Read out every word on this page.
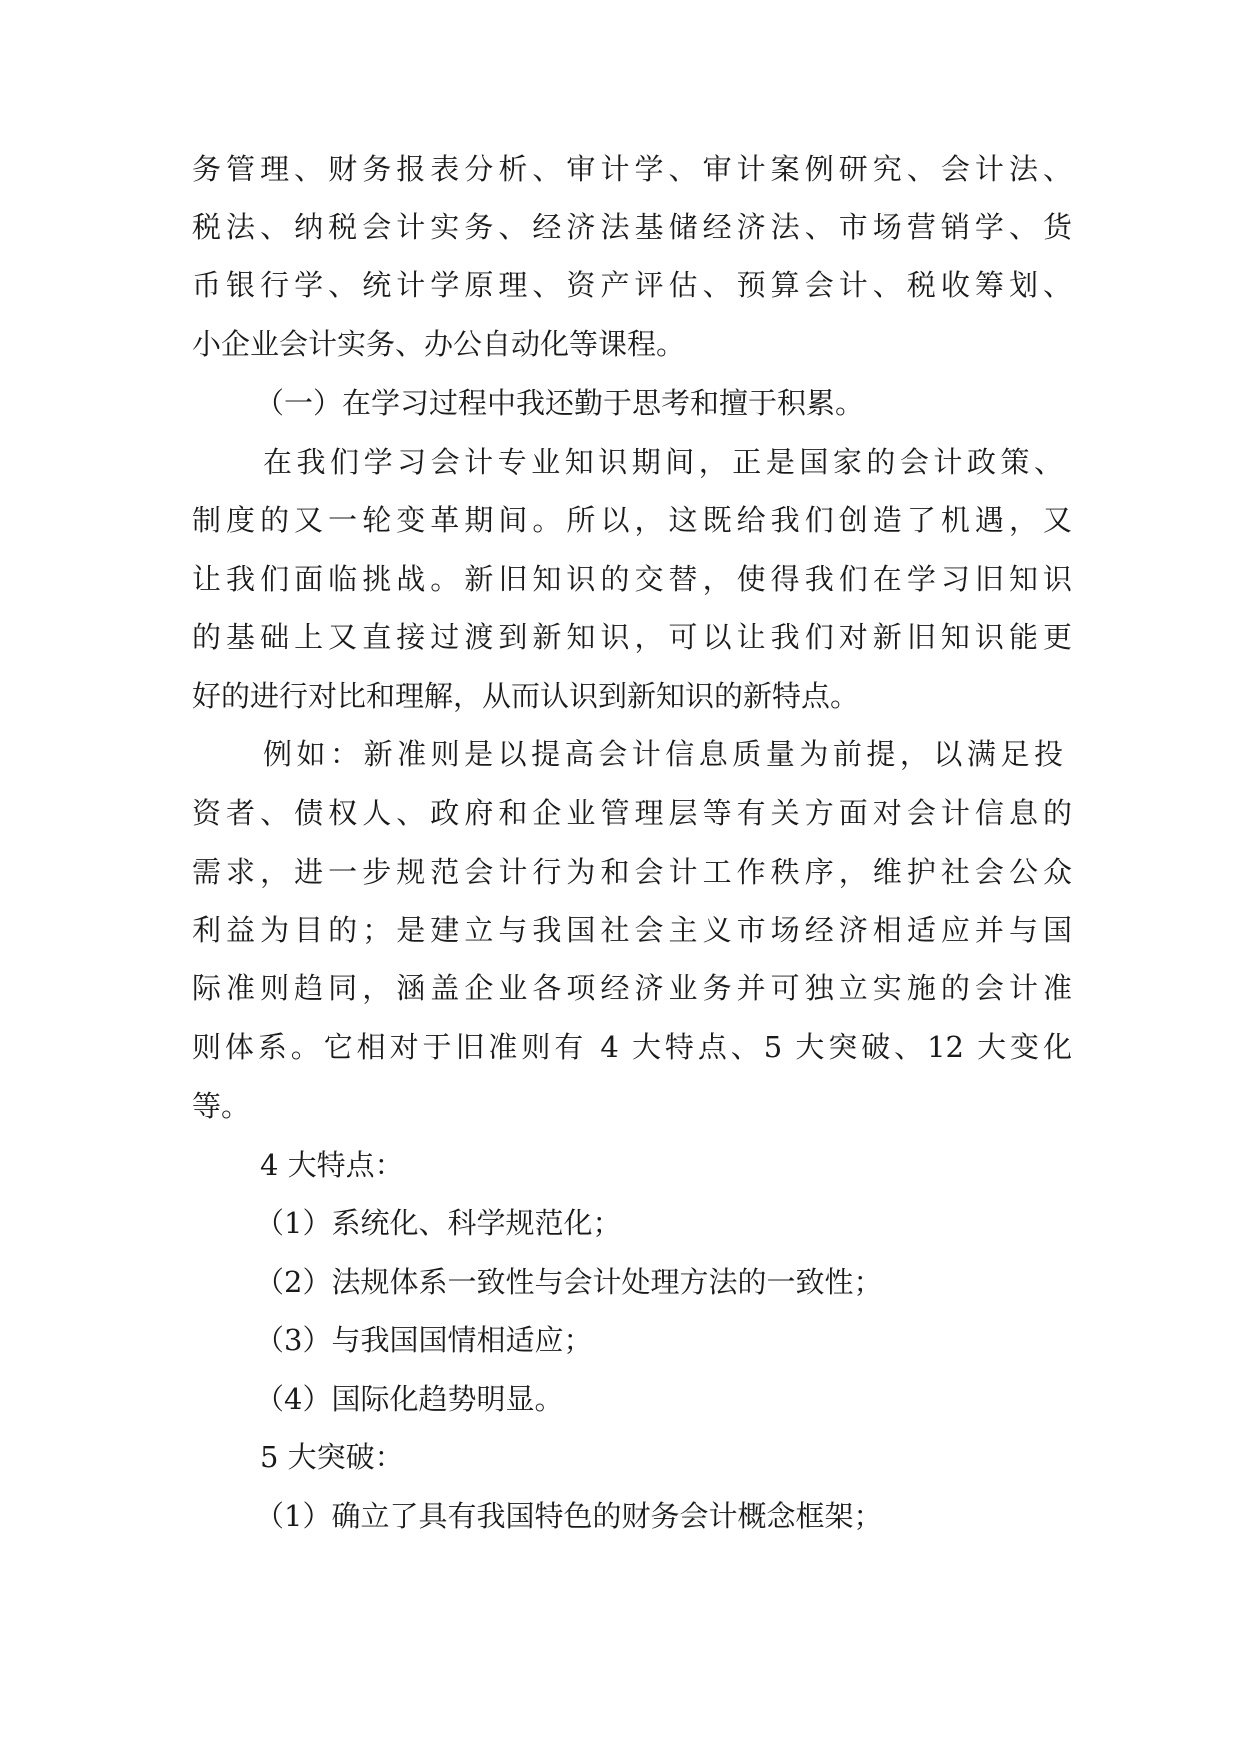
务管理、财务报表分析、审计学、审计案例研究、会计法、
税法、纳税会计实务、经济法基储经济法、市场营销学、货
币银行学、统计学原理、资产评估、预算会计、税收筹划、
小企业会计实务、办公自动化等课程。
（一）在学习过程中我还勤于思考和擅于积累。
在我们学习会计专业知识期间，正是国家的会计政策、
制度的又一轮变革期间。所以，这既给我们创造了机遇，又
让我们面临挑战。新旧知识的交替，使得我们在学习旧知识
的基础上又直接过渡到新知识，可以让我们对新旧知识能更
好的进行对比和理解，从而认识到新知识的新特点。
例如：新准则是以提高会计信息质量为前提，以满足投
资者、债权人、政府和企业管理层等有关方面对会计信息的
需求，进一步规范会计行为和会计工作秩序，维护社会公众
利益为目的；是建立与我国社会主义市场经济相适应并与国
际准则趋同，涵盖企业各项经济业务并可独立实施的会计准
则体系。它相对于旧准则有 4 大特点、5 大突破、12 大变化
等。
4 大特点：
（1）系统化、科学规范化；
（2）法规体系一致性与会计处理方法的一致性；
（3）与我国国情相适应；
（4）国际化趋势明显。
5 大突破：
（1）确立了具有我国特色的财务会计概念框架；
